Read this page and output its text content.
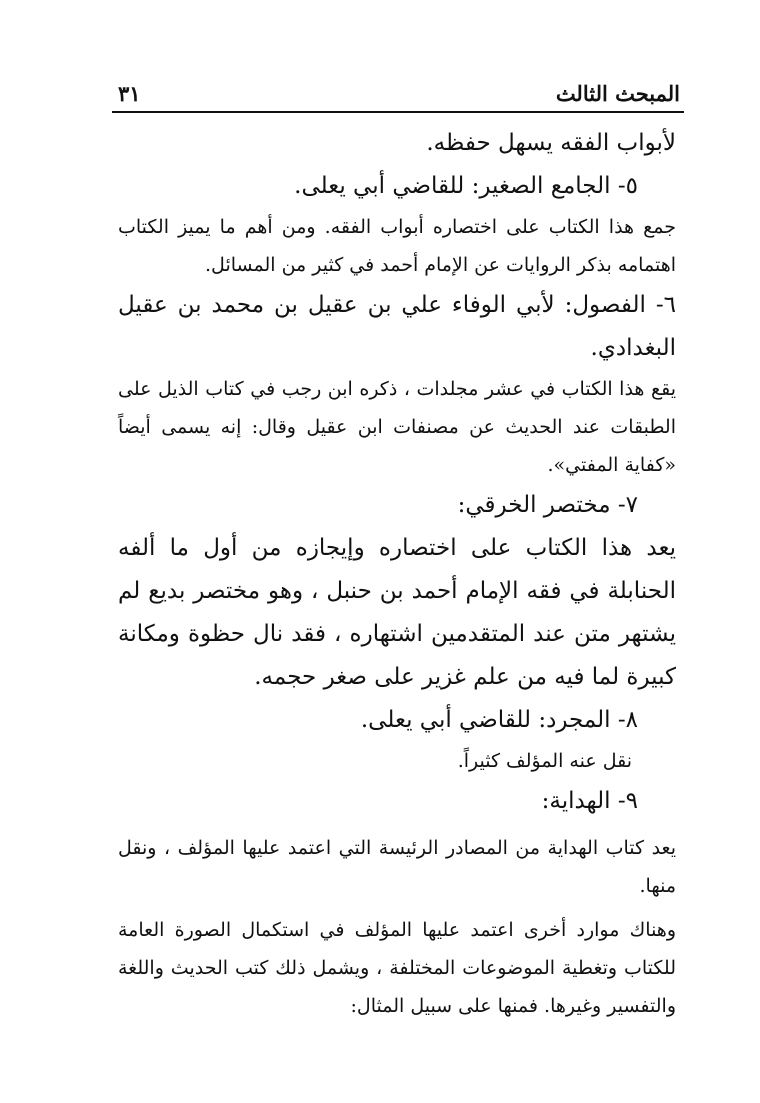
المبحث الثالث
٣١

لأبواب الفقه يسهل حفظه.

٥- الجامع الصغير: للقاضي أبي يعلى.

جمع هذا الكتاب على اختصاره أبواب الفقه. ومن أهم ما يميز الكتاب اهتمامه بذكر الروايات عن الإمام أحمد في كثير من المسائل.

٦- الفصول: لأبي الوفاء علي بن عقيل بن محمد بن عقيل البغدادي.

يقع هذا الكتاب في عشر مجلدات ، ذكره ابن رجب في كتاب الذيل على الطبقات عند الحديث عن مصنفات ابن عقيل وقال: إنه يسمى أيضاً «كفاية المفتي».

٧- مختصر الخرقي:

يعد هذا الكتاب على اختصاره وإيجازه من أول ما ألفه الحنابلة في فقه الإمام أحمد بن حنبل ، وهو مختصر بديع لم يشتهر متن عند المتقدمين اشتهاره ، فقد نال حظوة ومكانة كبيرة لما فيه من علم غزير على صغر حجمه.

٨- المجرد: للقاضي أبي يعلى.

نقل عنه المؤلف كثيراً.

٩- الهداية:

يعد كتاب الهداية من المصادر الرئيسة التي اعتمد عليها المؤلف ، ونقل منها.

وهناك موارد أخرى اعتمد عليها المؤلف في استكمال الصورة العامة للكتاب وتغطية الموضوعات المختلفة ، ويشمل ذلك كتب الحديث واللغة والتفسير وغيرها. فمنها على سبيل المثال:
